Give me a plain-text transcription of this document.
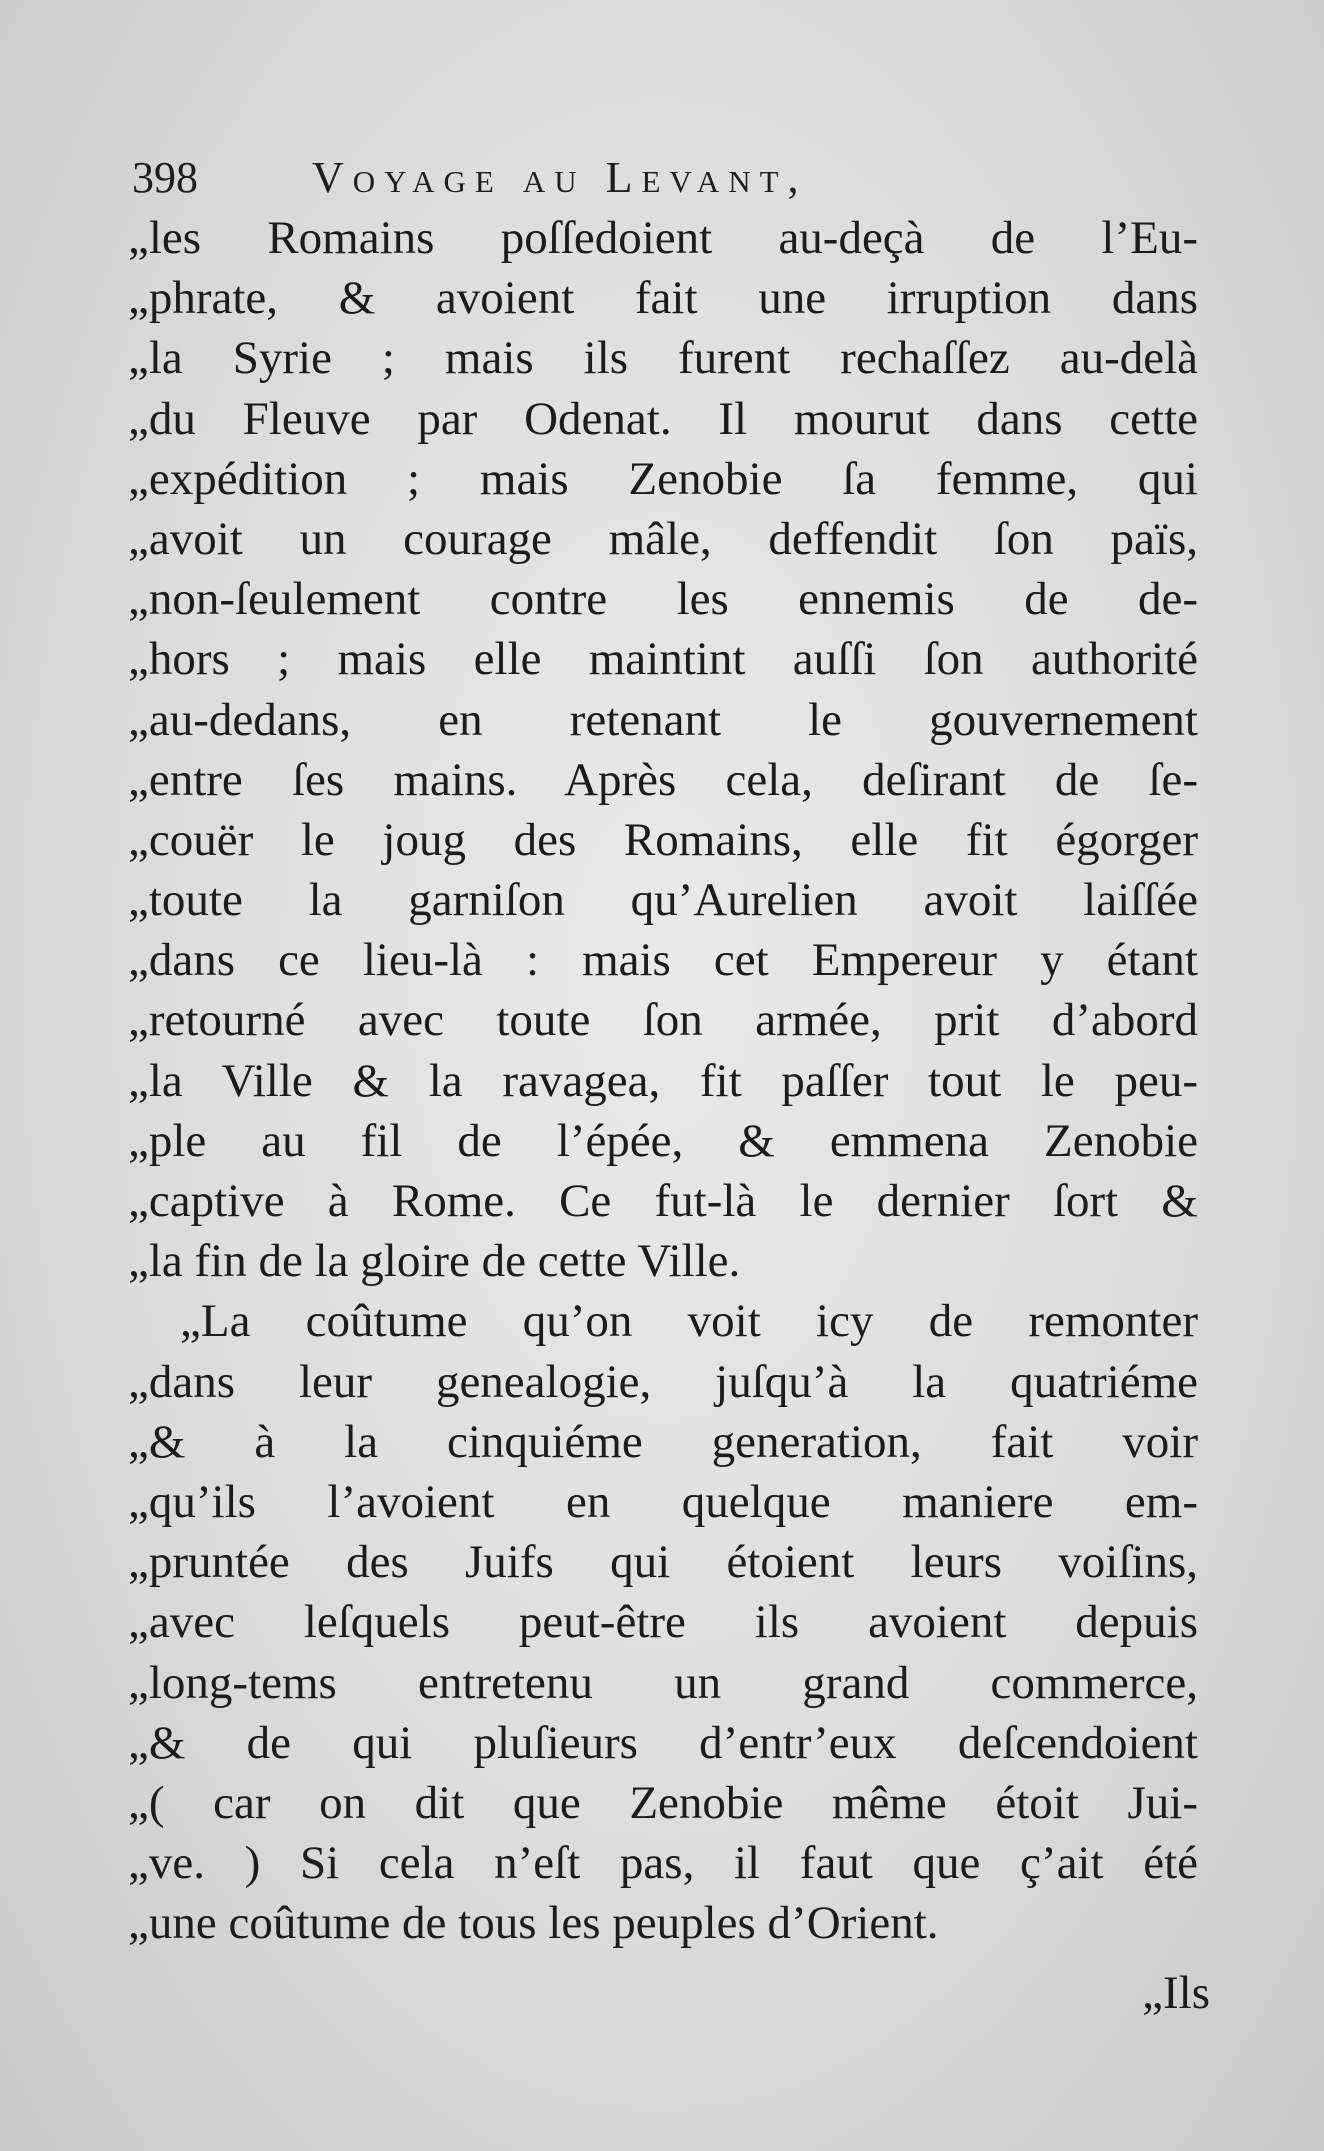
398	Voyage au Levant,
„les Romains poſſedoient au-deçà de l’Eu-
„phrate, & avoient fait une irruption dans
„la Syrie ; mais ils furent rechaſſez au-delà
„du Fleuve par Odenat. Il mourut dans cette
„expédition ; mais Zenobie ſa femme, qui
„avoit un courage mâle, deffendit ſon païs,
„non-ſeulement contre les ennemis de de-
„hors ; mais elle maintint auſſi ſon authorité
„au-dedans, en retenant le gouvernement
„entre ſes mains. Après cela, deſirant de ſe-
„couër le joug des Romains, elle fit égorger
„toute la garniſon qu’Aurelien avoit laiſſée
„dans ce lieu-là : mais cet Empereur y étant
„retourné avec toute ſon armée, prit d’abord
„la Ville & la ravagea, fit paſſer tout le peu-
„ple au fil de l’épée, & emmena Zenobie
„captive à Rome. Ce fut-là le dernier ſort &
„la fin de la gloire de cette Ville.
„La coûtume qu’on voit icy de remonter
„dans leur genealogie, juſqu’à la quatriéme
„& à la cinquiéme generation, fait voir
„qu’ils l’avoient en quelque maniere em-
„pruntée des Juifs qui étoient leurs voiſins,
„avec leſquels peut-être ils avoient depuis
„long-tems entretenu un grand commerce,
„& de qui pluſieurs d’entr’eux deſcendoient
„( car on dit que Zenobie même étoit Jui-
„ve. ) Si cela n’eſt pas, il faut que ç’ait été
„une coûtume de tous les peuples d’Orient.
„Ils
